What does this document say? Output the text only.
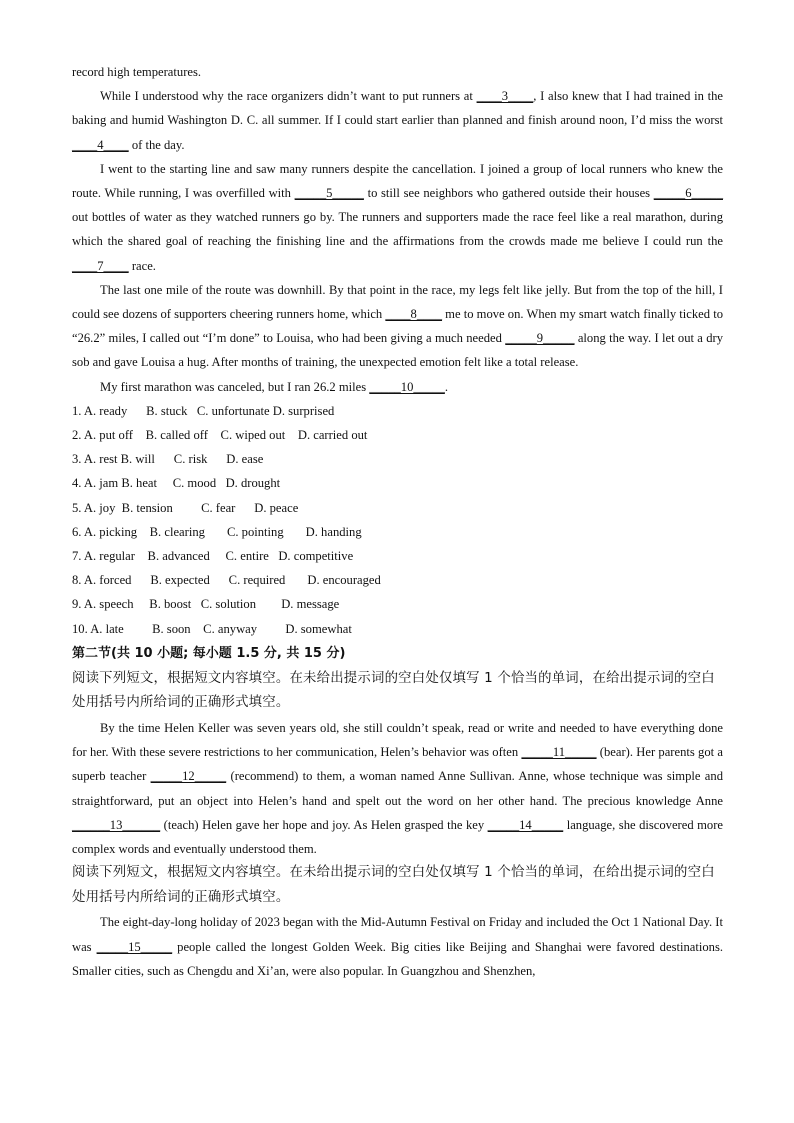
record high temperatures.

While I understood why the race organizers didn’t want to put runners at ____3____, I also knew that I had trained in the baking and humid Washington D. C. all summer. If I could start earlier than planned and finish around noon, I’d miss the worst ____4____ of the day.

I went to the starting line and saw many runners despite the cancellation. I joined a group of local runners who knew the route. While running, I was overfilled with _____5_____ to still see neighbors who gathered outside their houses _____6_____ out bottles of water as they watched runners go by. The runners and supporters made the race feel like a real marathon, during which the shared goal of reaching the finishing line and the affirmations from the crowds made me believe I could run the ____7____ race.

The last one mile of the route was downhill. By that point in the race, my legs felt like jelly. But from the top of the hill, I could see dozens of supporters cheering runners home, which ____8____ me to move on. When my smart watch finally ticked to “26.2” miles, I called out “I’m done” to Louisa, who had been giving a much needed _____9_____ along the way. I let out a dry sob and gave Louisa a hug. After months of training, the unexpected emotion felt like a total release.

My first marathon was canceled, but I ran 26.2 miles _____10_____.

1. A. ready      B. stuck   C. unfortunate D. surprised

2. A. put off    B. called off    C. wiped out    D. carried out

3. A. rest B. will      C. risk      D. ease

4. A. jam B. heat     C. mood   D. drought

5. A. joy  B. tension         C. fear      D. peace

6. A. picking    B. clearing       C. pointing       D. handing

7. A. regular    B. advanced     C. entire   D. competitive

8. A. forced      B. expected      C. required       D. encouraged

9. A. speech     B. boost   C. solution        D. message

10. A. late         B. soon    C. anyway         D. somewhat

第二节(共 10 小题; 每小题 1.5 分, 共 15 分)

阅读下列短文，根据短文内容填空。在未给出提示词的空白处仅填写 1 个恰当的单词，在给出提示词的空白处用括号内所给词的正确形式填空。

By the time Helen Keller was seven years old, she still couldn’t speak, read or write and needed to have everything done for her. With these severe restrictions to her communication, Helen’s behavior was often _____11_____ (bear). Her parents got a superb teacher _____12_____ (recommend) to them, a woman named Anne Sullivan. Anne, whose technique was simple and straightforward, put an object into Helen’s hand and spelt out the word on her other hand. The precious knowledge Anne ______13______ (teach) Helen gave her hope and joy. As Helen grasped the key _____14_____ language, she discovered more complex words and eventually understood them.

阅读下列短文，根据短文内容填空。在未给出提示词的空白处仅填写 1 个恰当的单词，在给出提示词的空白处用括号内所给词的正确形式填空。

The eight-day-long holiday of 2023 began with the Mid-Autumn Festival on Friday and included the Oct 1 National Day. It was _____15_____ people called the longest Golden Week. Big cities like Beijing and Shanghai were favored destinations. Smaller cities, such as Chengdu and Xi’an, were also popular. In Guangzhou and Shenzhen,
